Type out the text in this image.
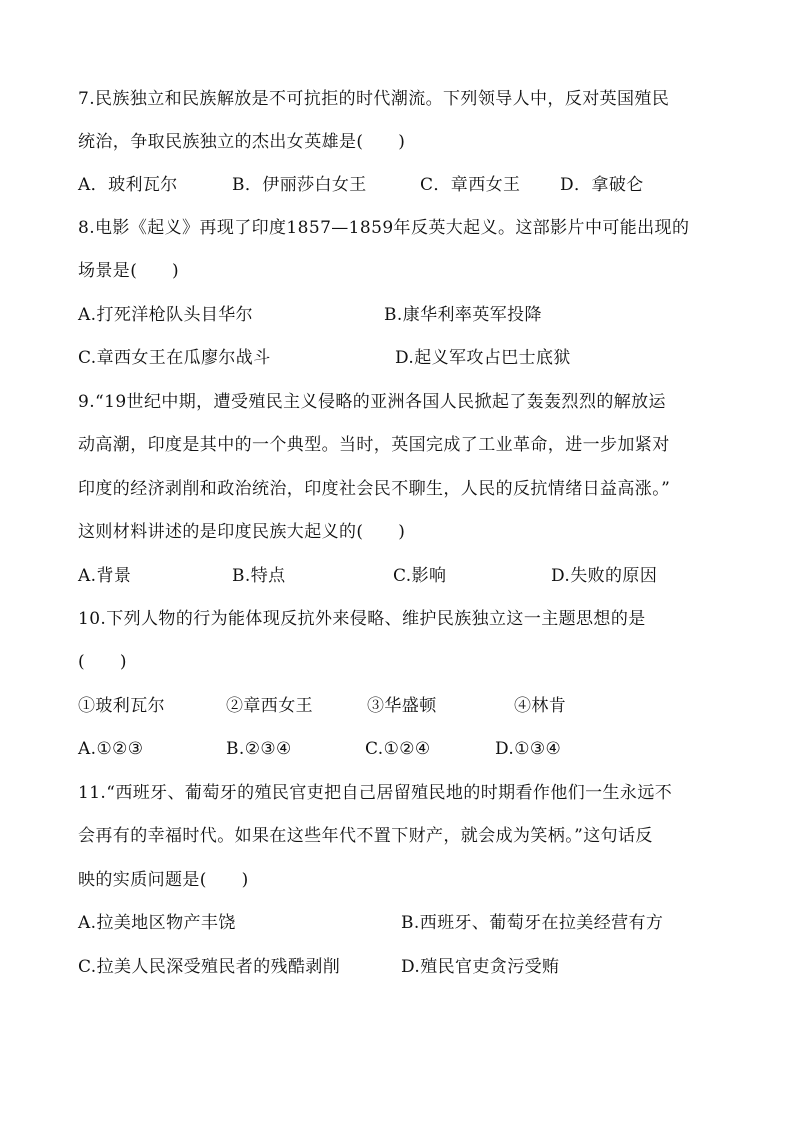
7.民族独立和民族解放是不可抗拒的时代潮流。下列领导人中，反对英国殖民
统治，争取民族独立的杰出女英雄是(　　)
A．玻利瓦尔	B．伊丽莎白女王	C．章西女王 D．拿破仑
8.电影《起义》再现了印度1857—1859年反英大起义。这部影片中可能出现的
场景是(　　)
A.打死洋枪队头目华尔	B.康华利率英军投降
C.章西女王在瓜廖尔战斗	D.起义军攻占巴士底狱
9.“19世纪中期，遭受殖民主义侵略的亚洲各国人民掀起了轰轰烈烈的解放运
动高潮，印度是其中的一个典型。当时，英国完成了工业革命，进一步加紧对
印度的经济剥削和政治统治，印度社会民不聊生，人民的反抗情绪日益高涨。”
这则材料讲述的是印度民族大起义的(　　)
A.背景	B.特点	C.影响	D.失败的原因
10.下列人物的行为能体现反抗外来侵略、维护民族独立这一主题思想的是
(　　)
①玻利瓦尔	②章西女王	③华盛顿	④林肯
A.①②③	B.②③④	C.①②④	D.①③④
11.“西班牙、葡萄牙的殖民官吏把自己居留殖民地的时期看作他们一生永远不
会再有的幸福时代。如果在这些年代不置下财产，就会成为笑柄。”这句话反
映的实质问题是(　　)
A.拉美地区物产丰饶	B.西班牙、葡萄牙在拉美经营有方
C.拉美人民深受殖民者的残酷剥削	D.殖民官吏贪污受贿
